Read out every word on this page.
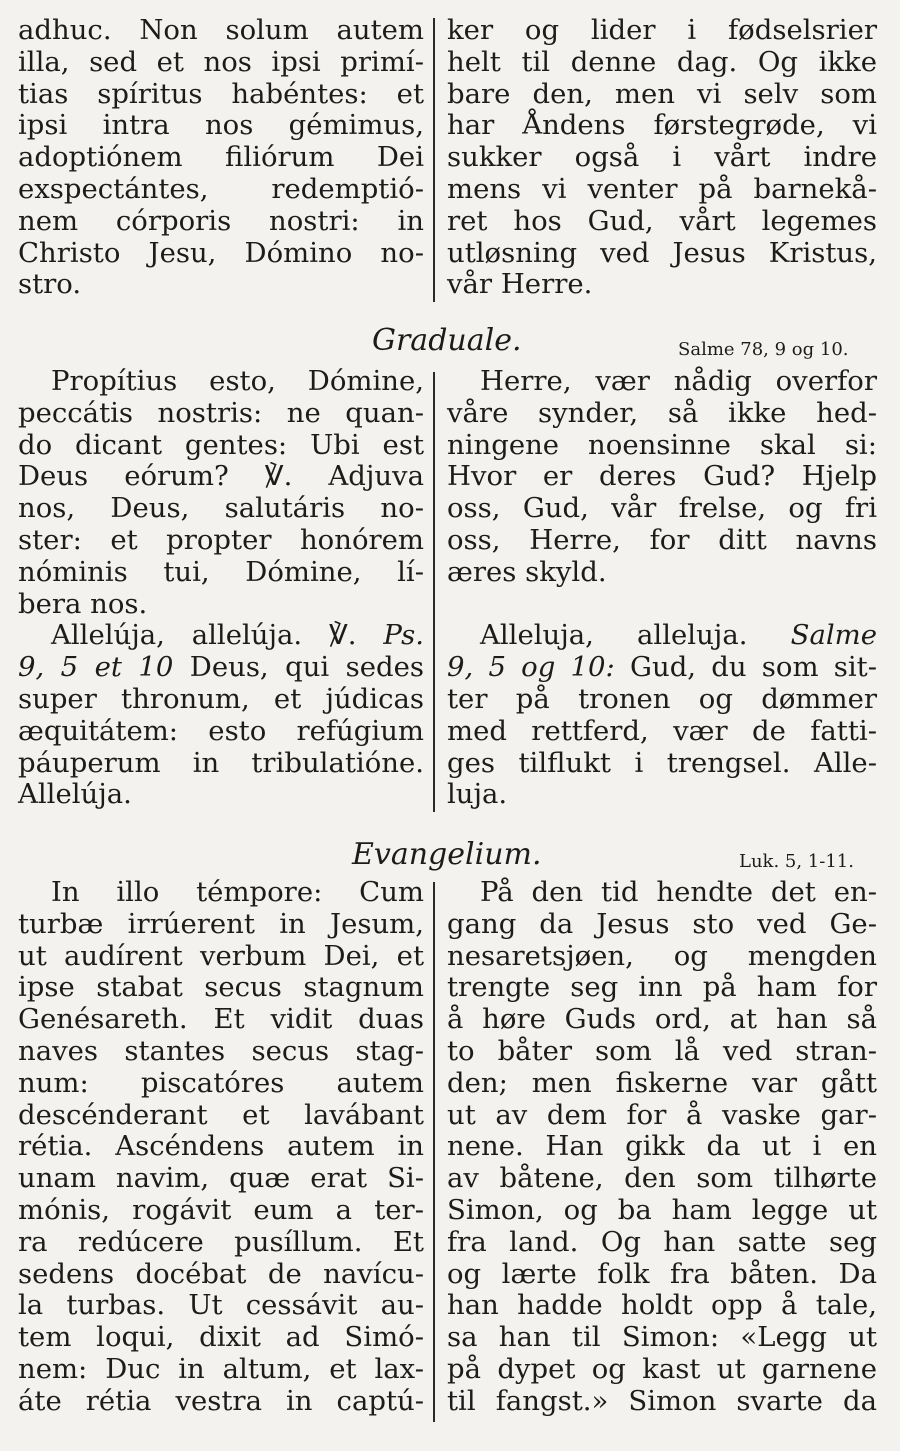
adhuc. Non solum autem
illa, sed et nos ipsi primí-
tias spíritus habéntes: et
ipsi intra nos gémimus,
adoptiónem filiórum Dei
exspectántes, redemptió-
nem córporis nostri: in
Christo Jesu, Dómino no-
stro.
ker og lider i fødselsrier
helt til denne dag. Og ikke
bare den, men vi selv som
har Åndens førstegrøde, vi
sukker også i vårt indre
mens vi venter på barnekå-
ret hos Gud, vårt legemes
utløsning ved Jesus Kristus,
vår Herre.
Graduale.	Salme 78, 9 og 10.
Propítius esto, Dómine,
peccátis nostris: ne quan-
do dicant gentes: Ubi est
Deus eórum? ℣. Adjuva
nos, Deus, salutáris no-
ster: et propter honórem
nóminis tui, Dómine, lí-
bera nos.
Allelúja, allelúja. ℣. Ps.
9, 5 et 10 Deus, qui sedes
super thronum, et júdicas
æquitátem: esto refúgium
páuperum in tribulatióne.
Allelúja.
Herre, vær nådig overfor
våre synder, så ikke hed-
ningene noensinne skal si:
Hvor er deres Gud? Hjelp
oss, Gud, vår frelse, og fri
oss, Herre, for ditt navns
æres skyld.
Alleluja, alleluja. Salme
9, 5 og 10: Gud, du som sit-
ter på tronen og dømmer
med rettferd, vær de fatti-
ges tilflukt i trengsel. Alle-
luja.
Evangelium.	Luk. 5, 1-11.
In illo témpore: Cum
turbæ irrúerent in Jesum,
ut audírent verbum Dei, et
ipse stabat secus stagnum
Genésareth. Et vidit duas
naves stantes secus stag-
num: piscatóres autem
descénderant et lavábant
rétia. Ascéndens autem in
unam navim, quæ erat Si-
mónis, rogávit eum a ter-
ra redúcere pusíllum. Et
sedens docébat de navícu-
la turbas. Ut cessávit au-
tem loqui, dixit ad Simó-
nem: Duc in altum, et lax-
áte rétia vestra in captú-
På den tid hendte det en-
gang da Jesus sto ved Ge-
nesaretsjøen, og mengden
trengte seg inn på ham for
å høre Guds ord, at han så
to båter som lå ved stran-
den; men fiskerne var gått
ut av dem for å vaske gar-
nene. Han gikk da ut i en
av båtene, den som tilhørte
Simon, og ba ham legge ut
fra land. Og han satte seg
og lærte folk fra båten. Da
han hadde holdt opp å tale,
sa han til Simon: «Legg ut
på dypet og kast ut garnene
til fangst.» Simon svarte da
